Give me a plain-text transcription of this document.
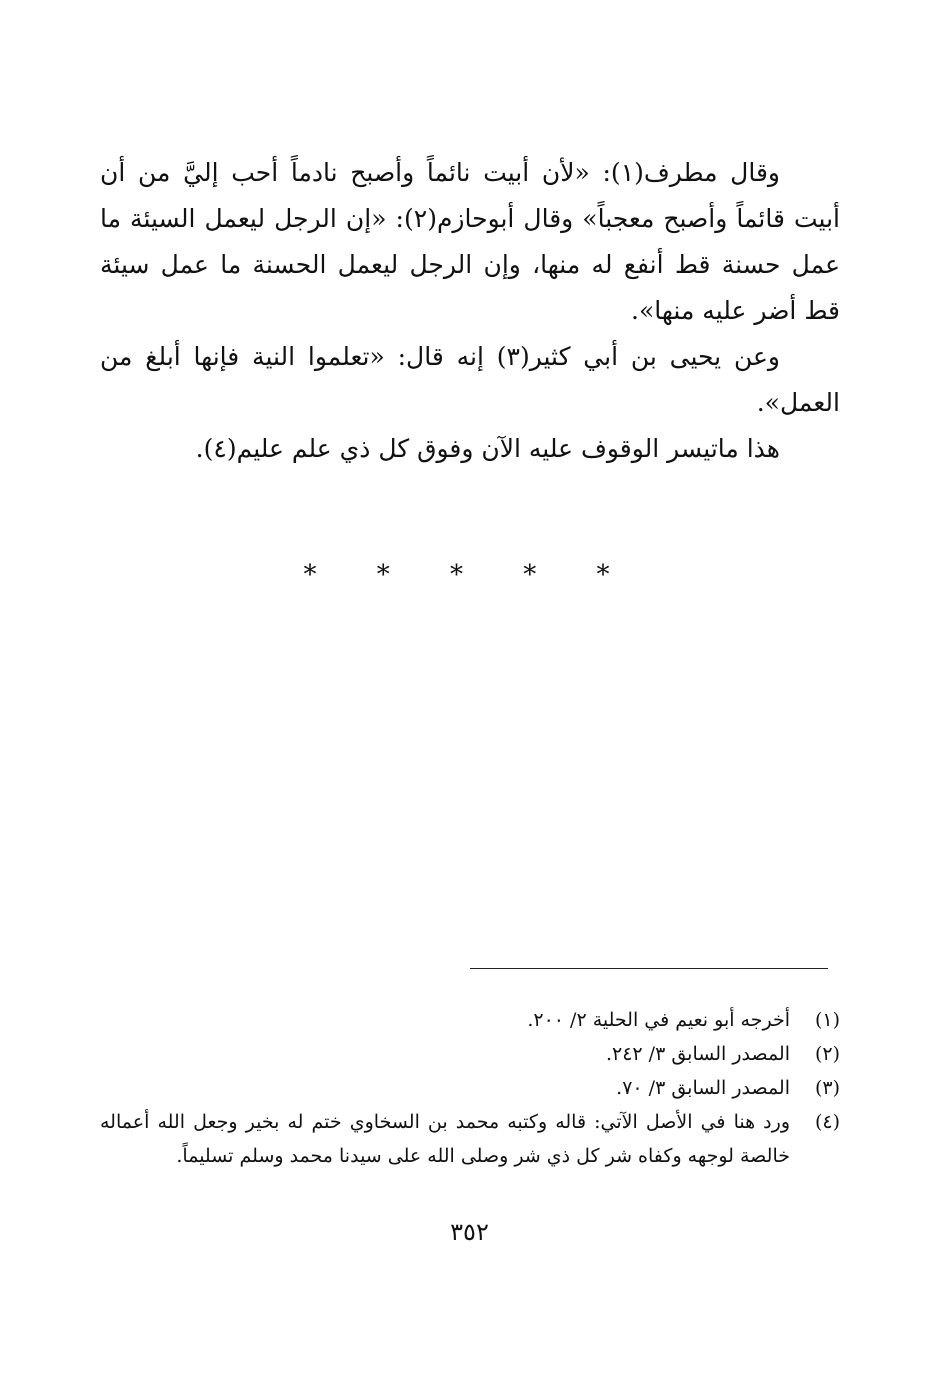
وقال مطرف(١): «لأن أبيت نائماً وأصبح نادماً أحب إليَّ من أن أبيت قائماً وأصبح معجباً» وقال أبوحازم(٢): «إن الرجل ليعمل السيئة ما عمل حسنة قط أنفع له منها، وإن الرجل ليعمل الحسنة ما عمل سيئة قط أضر عليه منها».

وعن يحيى بن أبي كثير(٣) إنه قال: «تعلموا النية فإنها أبلغ من العمل».

هذا ماتيسر الوقوف عليه الآن وفوق كل ذي علم عليم(٤).

* * * * *
(١)
أخرجه أبو نعيم في الحلية ٢/ ٢٠٠.
(٢)
المصدر السابق ٣/ ٢٤٢.
(٣)
المصدر السابق ٣/ ٧٠.
(٤)
ورد هنا في الأصل الآتي: قاله وكتبه محمد بن السخاوي ختم له بخير وجعل الله أعماله خالصة لوجهه وكفاه شر كل ذي شر وصلى الله على سيدنا محمد وسلم تسليماً.
٣٥٢
